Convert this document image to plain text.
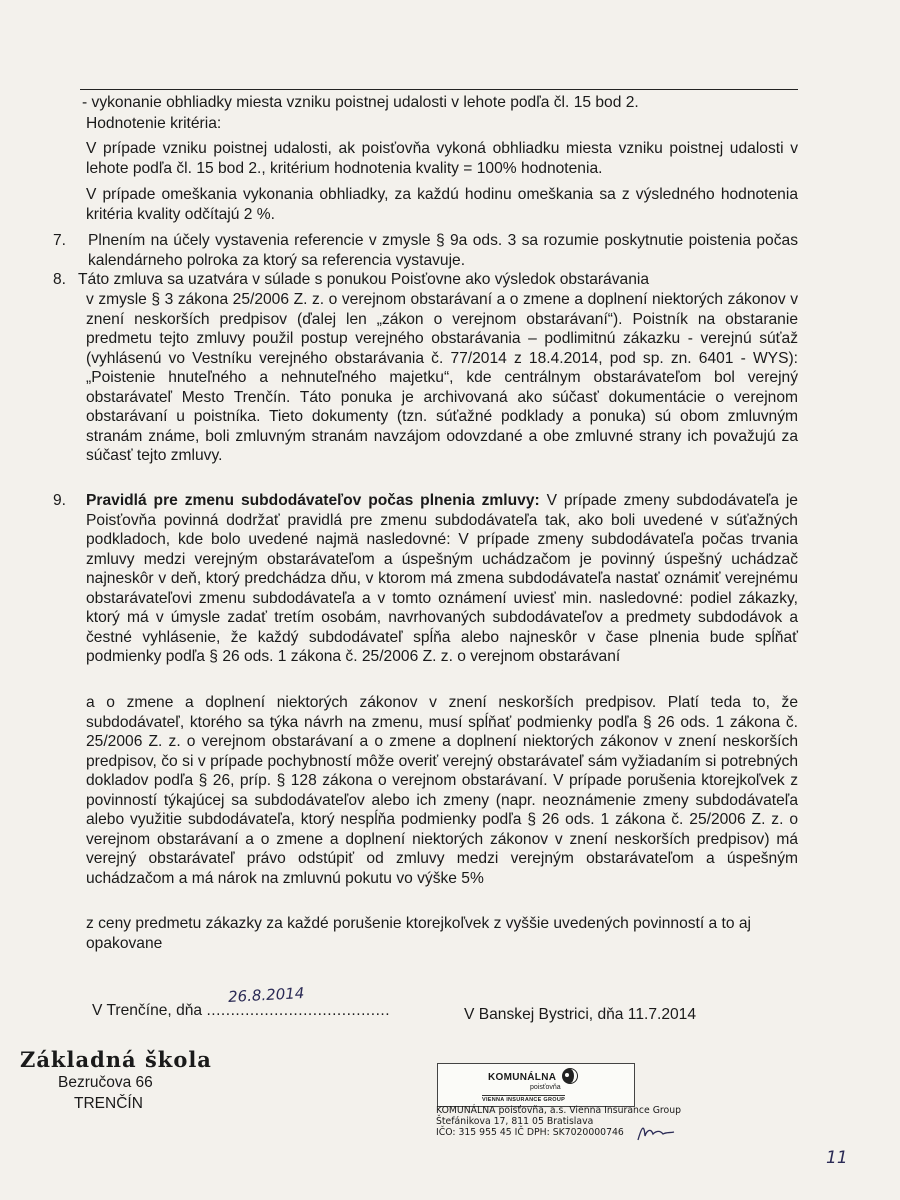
- vykonanie obhliadky miesta vzniku poistnej udalosti v lehote podľa čl. 15 bod 2.
Hodnotenie kritéria:
V prípade vzniku poistnej udalosti, ak poisťovňa vykoná obhliadku miesta vzniku poistnej udalosti v lehote podľa čl. 15 bod 2., kritérium hodnotenia kvality = 100% hodnotenia.
V prípade omeškania vykonania obhliadky, za každú hodinu omeškania sa z výsledného hodnotenia kritéria kvality odčítajú 2 %.
7. Plnením na účely vystavenia referencie v zmysle § 9a ods. 3 sa rozumie poskytnutie poistenia počas kalendárneho polroka za ktorý sa referencia vystavuje.
8. Táto zmluva sa uzatvára v súlade s ponukou Poisťovne ako výsledok obstarávania
v zmysle § 3 zákona 25/2006 Z. z. o verejnom obstarávaní a o zmene a doplnení niektorých zákonov v znení neskorších predpisov (ďalej len „zákon o verejnom obstarávaní“). Poistník na obstaranie predmetu tejto zmluvy použil postup verejného obstarávania – podlimitnú zákazku - verejnú súťaž (vyhlásenú vo Vestníku verejného obstarávania č. 77/2014 z 18.4.2014, pod sp. zn. 6401 - WYS): „Poistenie hnuteľného a nehnuteľného majetku“, kde centrálnym obstarávateľom bol verejný obstarávateľ Mesto Trenčín. Táto ponuka je archivovaná ako súčasť dokumentácie o verejnom obstarávaní u poistníka. Tieto dokumenty (tzn. súťažné podklady a ponuka) sú obom zmluvným stranám známe, boli zmluvným stranám navzájom odovzdané a obe zmluvné strany ich považujú za súčasť tejto zmluvy.
9. Pravidlá pre zmenu subdodávateľov počas plnenia zmluvy: V prípade zmeny subdodávateľa je Poisťovňa povinná dodržať pravidlá pre zmenu subdodávateľa tak, ako boli uvedené v súťažných podkladoch, kde bolo uvedené najmä nasledovné: V prípade zmeny subdodávateľa počas trvania zmluvy medzi verejným obstarávateľom a úspešným uchádzačom je povinný úspešný uchádzač najneskôr v deň, ktorý predchádza dňu, v ktorom má zmena subdodávateľa nastať oznámiť verejnému obstarávateľovi zmenu subdodávateľa a v tomto oznámení uviesť min. nasledovné: podiel zákazky, ktorý má v úmysle zadať tretím osobám, navrhovaných subdodávateľov a predmety subdodávok a čestné vyhlásenie, že každý subdodávateľ spĺňa alebo najneskôr v čase plnenia bude spĺňať podmienky podľa § 26 ods. 1 zákona č. 25/2006 Z. z. o verejnom obstarávaní
a o zmene a doplnení niektorých zákonov v znení neskorších predpisov. Platí teda to, že subdodávateľ, ktorého sa týka návrh na zmenu, musí spĺňať podmienky podľa § 26 ods. 1 zákona č. 25/2006 Z. z. o verejnom obstarávaní a o zmene a doplnení niektorých zákonov v znení neskorších predpisov, čo si v prípade pochybností môže overiť verejný obstarávateľ sám vyžiadaním si potrebných dokladov podľa § 26, príp. § 128 zákona o verejnom obstarávaní. V prípade porušenia ktorejkoľvek z povinností týkajúcej sa subdodávateľov alebo ich zmeny (napr. neoznámenie zmeny subdodávateľa alebo využitie subdodávateľa, ktorý nespĺňa podmienky podľa § 26 ods. 1 zákona č. 25/2006 Z. z. o verejnom obstarávaní a o zmene a doplnení niektorých zákonov v znení neskorších predpisov) má verejný obstarávateľ právo odstúpiť od zmluvy medzi verejným obstarávateľom a úspešným uchádzačom a má nárok na zmluvnú pokutu vo výške 5%
z ceny predmetu zákazky za každé porušenie ktorejkoľvek z vyššie uvedených povinností a to aj opakovane
V Trenčíne, dňa ......................................
26.8.2014
V Banskej Bystrici, dňa 11.7.2014
Základná škola
Bezručova 66
TRENČÍN
KOMUNÁLNA
poisťovňa
VIENNA INSURANCE GROUP
KOMUNÁLNA poisťovňa, a.s. Vienna Insurance Group
Štefánikova 17, 811 05 Bratislava
IČO: 315 955 45 IČ DPH: SK7020000746
11
